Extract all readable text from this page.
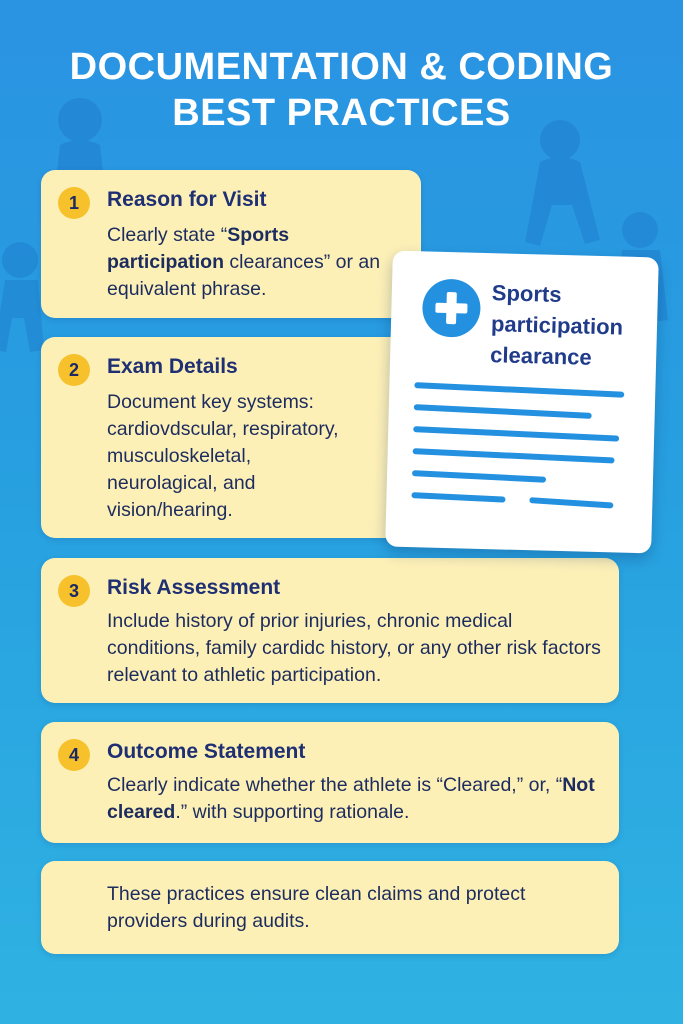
DOCUMENTATION & CODING
BEST PRACTICES
1	Reason for Visit
Clearly state “Sports participation clearances” or an equivalent phrase.
2	Exam Details
Document key systems: cardiovdscular, respiratory, musculoskeletal, neurolagical, and vision/hearing.
3	Risk Assessment
Include history of prior injuries, chronic medical conditions, family cardidc history, or any other risk factors relevant to athletic participation.
4	Outcome Statement
Clearly indicate whether the athlete is “Cleared,” or, “Not cleared.” with supporting rationale.
These practices ensure clean claims and protect providers during audits.
Sports participation clearance
